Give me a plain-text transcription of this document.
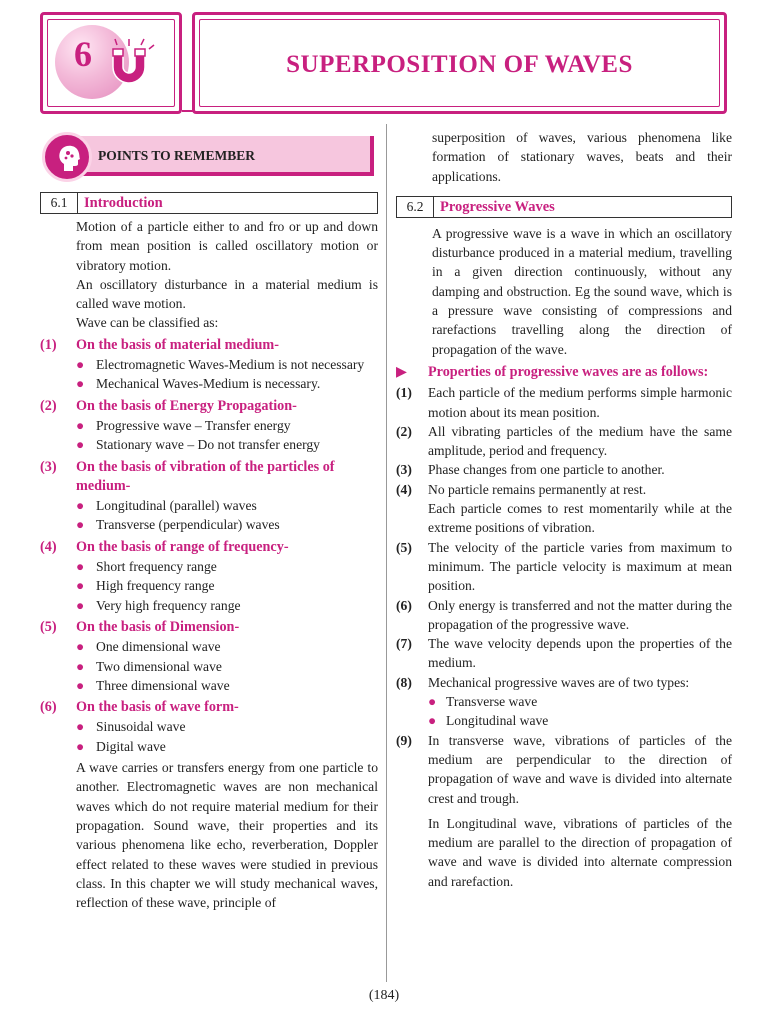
6	SUPERPOSITION OF WAVES
POINTS TO REMEMBER
6.1	Introduction

Motion of a particle either to and fro or up and down from mean position is called oscillatory motion or vibratory motion.

An oscillatory disturbance in a material medium is called wave motion.

Wave can be classified as:

(1)	On the basis of material medium-
● Electromagnetic Waves-Medium is not necessary
● Mechanical Waves-Medium is necessary.
(2)	On the basis of Energy Propagation-
● Progressive wave – Transfer energy
● Stationary wave – Do not transfer energy
(3)	On the basis of vibration of the particles of medium-
● Longitudinal (parallel) waves
● Transverse (perpendicular) waves
(4)	On the basis of range of frequency-
● Short frequency range
● High frequency range
● Very high frequency range
(5)	On the basis of Dimension-
● One dimensional wave
● Two dimensional wave
● Three dimensional wave
(6)	On the basis of wave form-
● Sinusoidal wave
● Digital wave

A wave carries or transfers energy from one particle to another. Electromagnetic waves are non mechanical waves which do not require material medium for their propagation. Sound wave, their properties and its various phenomena like echo, reverberation, Doppler effect related to these waves were studied in previous class. In this chapter we will study mechanical waves, reflection of these wave, principle of

superposition of waves, various phenomena like formation of stationary waves, beats and their applications.

6.2	Progressive Waves

A progressive wave is a wave in which an oscillatory disturbance produced in a material medium, travelling in a given direction continuously, without any damping and obstruction. Eg the sound wave, which is a pressure wave consisting of compressions and rarefactions travelling along the direction of propagation of the wave.

▶	Properties of progressive waves are as follows:
(1)	Each particle of the medium performs simple harmonic motion about its mean position.
(2)	All vibrating particles of the medium have the same amplitude, period and frequency.
(3)	Phase changes from one particle to another.
(4)	No particle remains permanently at rest.

Each particle comes to rest momentarily while at the extreme positions of vibration.

(5)	The velocity of the particle varies from maximum to minimum. The particle velocity is maximum at mean position.
(6)	Only energy is transferred and not the matter during the propagation of the progressive wave.
(7)	The wave velocity depends upon the properties of the medium.
(8)	Mechanical progressive waves are of two types:
● Transverse wave
● Longitudinal wave
(9)	In transverse wave, vibrations of particles of the medium are perpendicular to the direction of propagation of wave and wave is divided into alternate crest and trough.

In Longitudinal wave, vibrations of particles of the medium are parallel to the direction of propagation of wave and wave is divided into alternate compression and rarefaction.

(184)
